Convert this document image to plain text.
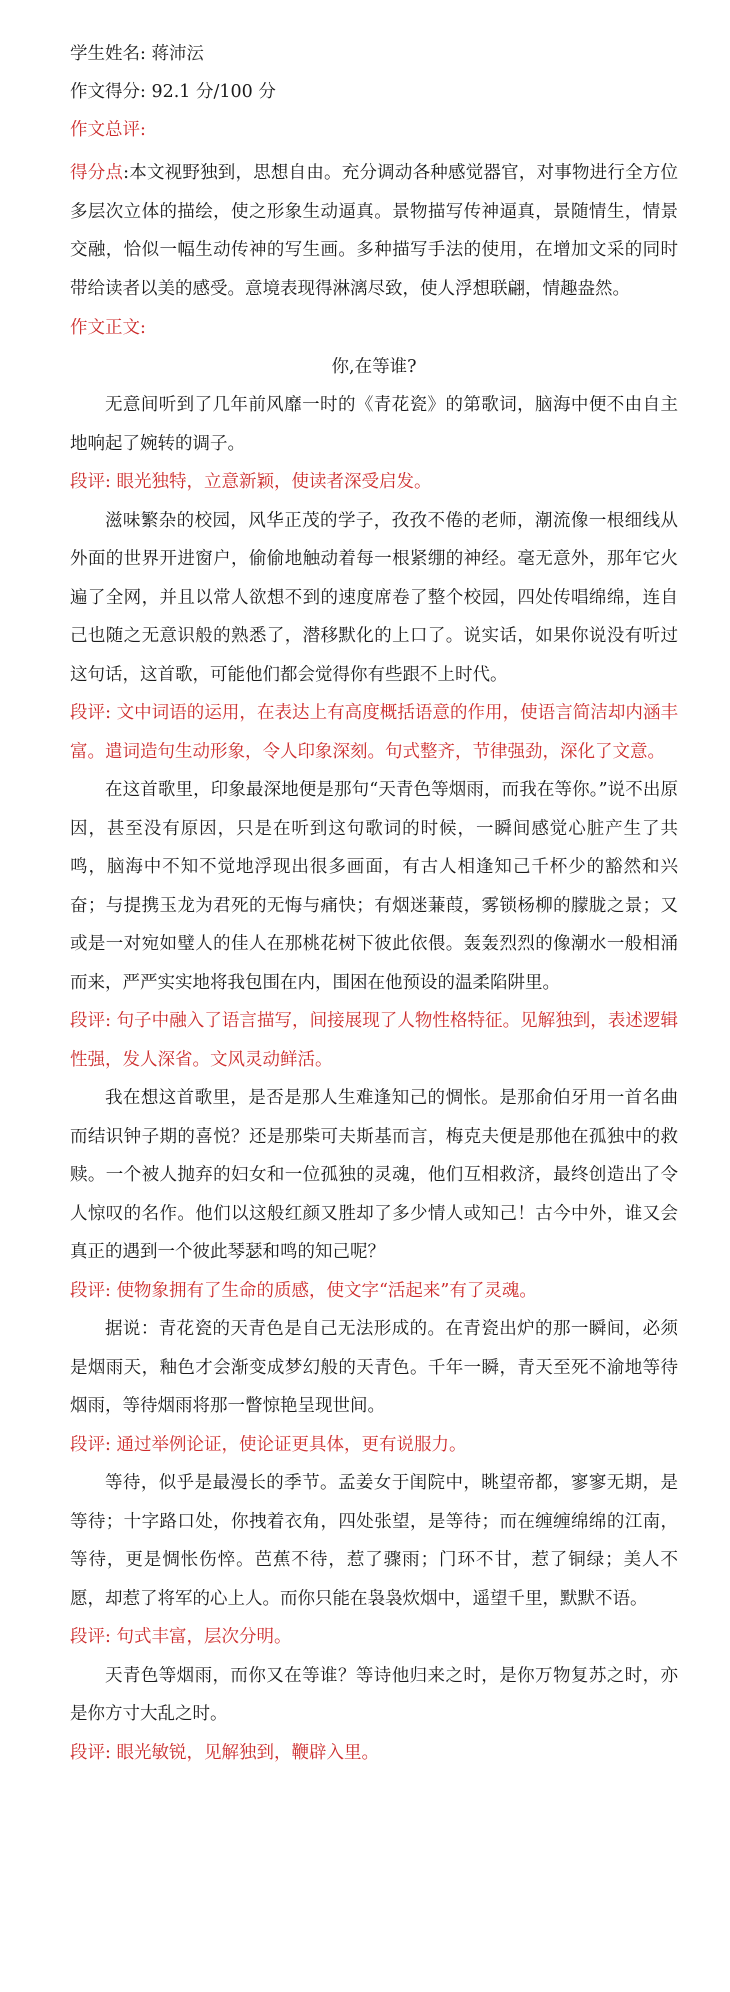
学生姓名: 蒋沛沄
作文得分: 92.1 分/100 分
作文总评:

得分点:本文视野独到，思想自由。充分调动各种感觉器官，对事物进行全方位多层次立体的描绘，使之形象生动逼真。景物描写传神逼真，景随情生，情景交融，恰似一幅生动传神的写生画。多种描写手法的使用，在增加文采的同时带给读者以美的感受。意境表现得淋漓尽致，使人浮想联翩，情趣盎然。

作文正文:
你,在等谁?

无意间听到了几年前风靡一时的《青花瓷》的第歌词，脑海中便不由自主地响起了婉转的调子。

段评: 眼光独特，立意新颖，使读者深受启发。

滋味繁杂的校园，风华正茂的学子，孜孜不倦的老师，潮流像一根细线从外面的世界开进窗户，偷偷地触动着每一根紧绷的神经。毫无意外，那年它火遍了全网，并且以常人欲想不到的速度席卷了整个校园，四处传唱绵绵，连自己也随之无意识般的熟悉了，潜移默化的上口了。说实话，如果你说没有听过这句话，这首歌，可能他们都会觉得你有些跟不上时代。

段评: 文中词语的运用，在表达上有高度概括语意的作用，使语言简洁却内涵丰富。遣词造句生动形象，令人印象深刻。句式整齐，节律强劲，深化了文意。

在这首歌里，印象最深地便是那句“天青色等烟雨，而我在等你。”说不出原因，甚至没有原因，只是在听到这句歌词的时候，一瞬间感觉心脏产生了共鸣，脑海中不知不觉地浮现出很多画面，有古人相逢知己千杯少的豁然和兴奋；与提携玉龙为君死的无悔与痛快；有烟迷蒹葭，雾锁杨柳的朦胧之景；又或是一对宛如璧人的佳人在那桃花树下彼此依偎。轰轰烈烈的像潮水一般相涌而来，严严实实地将我包围在内，围困在他预设的温柔陷阱里。

段评: 句子中融入了语言描写，间接展现了人物性格特征。见解独到，表述逻辑性强，发人深省。文风灵动鲜活。

我在想这首歌里，是否是那人生难逢知己的惆怅。是那俞伯牙用一首名曲而结识钟子期的喜悦？还是那柴可夫斯基而言，梅克夫便是那他在孤独中的救赎。一个被人抛弃的妇女和一位孤独的灵魂，他们互相救济，最终创造出了令人惊叹的名作。他们以这般红颜又胜却了多少情人或知己！古今中外，谁又会真正的遇到一个彼此琴瑟和鸣的知己呢？

段评: 使物象拥有了生命的质感，使文字“活起来”有了灵魂。

据说：青花瓷的天青色是自己无法形成的。在青瓷出炉的那一瞬间，必须是烟雨天，釉色才会渐变成梦幻般的天青色。千年一瞬，青天至死不渝地等待烟雨，等待烟雨将那一瞥惊艳呈现世间。

段评: 通过举例论证，使论证更具体，更有说服力。

等待，似乎是最漫长的季节。孟姜女于闺院中，眺望帝都，寥寥无期，是等待；十字路口处，你拽着衣角，四处张望，是等待；而在缠缠绵绵的江南，等待，更是惆怅伤悴。芭蕉不待，惹了骤雨；门环不甘，惹了铜绿；美人不愿，却惹了将军的心上人。而你只能在袅袅炊烟中，遥望千里，默默不语。

段评: 句式丰富，层次分明。

天青色等烟雨，而你又在等谁？等诗他归来之时，是你万物复苏之时，亦是你方寸大乱之时。

段评: 眼光敏锐，见解独到，鞭辟入里。
